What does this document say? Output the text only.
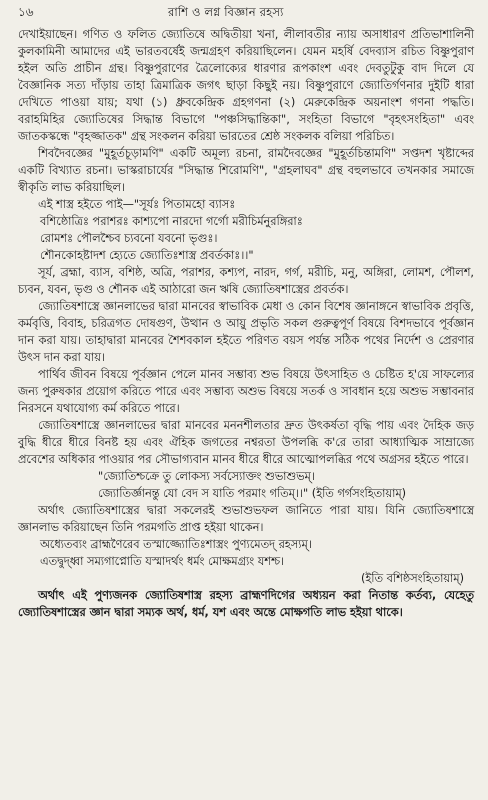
১৬	রাশি ও লগ্ন বিজ্ঞান রহস্য

দেখাইয়াছেন। গণিত ও ফলিত জ্যোতিষে অদ্বিতীয়া খনা, লীলাবতীর ন্যায় অসাধারণ প্রতিভাশালিনী কুলকামিনী আমাদের এই ভারতবর্ষেই জন্মগ্রহণ করিয়াছিলেন। যেমন মহর্ষি বেদব্যাস রচিত বিষ্ণুপুরাণ হইল অতি প্রাচীন গ্রন্থ। বিষ্ণুপুরাণের ত্রৈলোক্যের ধারণার রূপকাংশ এবং দেবতুটুকু বাদ দিলে যে বৈজ্ঞানিক সত্য দাঁড়ায় তাহা ত্রিমাত্রিক জগৎ ছাড়া কিছুই নয়। বিষ্ণুপুরাণে জ্যোতির্গণনার দুইটি ধারা দেখিতে পাওয়া যায়; যথা (১) ধ্রুবকেন্দ্রিক গ্রহগণনা (২) মেরুকেন্দ্রিক অয়নাংশ গণনা পদ্ধতি। বরাহমিহির জ্যোতিষের সিদ্ধান্ত বিভাগে "পঞ্চসিদ্ধান্তিকা", সংহিতা বিভাগে "বৃহৎসংহিতা" এবং জাতকস্কন্ধে "বৃহজ্জাতক" গ্রন্থ সংকলন করিয়া ভারতের শ্রেষ্ঠ সংকলক বলিয়া পরিচিত।

শিবদৈবজ্ঞের "মুহূর্তচূড়ামণি" একটি অমূল্য রচনা, রামদৈবজ্ঞের "মুহূর্তচিন্তামণি" সপ্তদশ খৃষ্টাব্দের একটি বিখ্যাত রচনা। ভাস্করাচার্যের "সিদ্ধান্ত শিরোমণি", "গ্রহলাঘব" গ্রন্থ বহুলভাবে তখনকার সমাজে স্বীকৃতি লাভ করিয়াছিল।

এই শাস্ত্র হইতে পাই—"সূর্যঃ পিতামহো ব্যাসঃ

বশিষ্ঠোত্রিঃ পরাশরঃ কাশ্যপো নারদো গর্গো মরীচির্মনুরঙ্গিরাঃ

রোমশঃ পৌলশ্চৈব চ্যবনো যবনো ভৃগুঃ।

শৌনকোহষ্টাদশ হ্যেতে জ্যোতিঃশাস্ত্র প্রবর্তকাঃ।।"

সূর্য, ব্রহ্মা, ব্যাস, বশিষ্ঠ, অত্রি, পরাশর, কশ্যপ, নারদ, গর্গ, মরীচি, মনু, অঙ্গিরা, লোমশ, পৌলশ, চ্যবন, যবন, ভৃগু ও শৌনক এই আঠারো জন ঋষি জ্যোতিষশাস্ত্রের প্রবর্তক।

জ্যোতিষশাস্ত্রে জ্ঞানলাভের দ্বারা মানবের স্বাভাবিক মেধা ও কোন বিশেষ জ্ঞানাঙ্গনে স্বাভাবিক প্রবৃত্তি, কর্মবৃত্তি, বিবাহ, চরিত্রগত দোষগুণ, উত্থান ও আয়ু প্রভৃতি সকল গুরুত্বপূর্ণ বিষয়ে বিশদভাবে পূর্বজ্ঞান দান করা যায়। তাহাদ্বারা মানবের শৈশবকাল হইতে পরিণত বয়স পর্যন্ত সঠিক পথের নির্দেশ ও প্রেরণার উৎস দান করা যায়।

পার্থিব জীবন বিষয়ে পূর্বজ্ঞান পেলে মানব সম্ভাব্য শুভ বিষয়ে উৎসাহিত ও চেষ্টিত হ'য়ে সাফল্যের জন্য পুরুষকার প্রয়োগ করিতে পারে এবং সম্ভাব্য অশুভ বিষয়ে সতর্ক ও সাবধান হয়ে অশুভ সম্ভাবনার নিরসনে যথাযোগ্য কর্ম করিতে পারে।

জ্যোতিষশাস্ত্রে জ্ঞানলাভের দ্বারা মানবের মননশীলতার দ্রুত উৎকর্ষতা বৃদ্ধি পায় এবং দৈহিক জড় বুদ্ধি ধীরে ধীরে বিনষ্ট হয় এবং ঐহিক জগতের নশ্বরতা উপলব্ধি ক'রে তারা আধ্যাত্মিক সাম্রাজ্যে প্রবেশের অধিকার পাওয়ার পর সৌভাগ্যবান মানব ধীরে ধীরে আত্মোপলব্ধির পথে অগ্রসর হইতে পারে।

"জ্যোতিশ্চক্রে তু লোকস্য সর্বস্যোক্তং শুভাশুভম্।

জ্যোতির্জ্ঞানন্তু যো বেদ স যাতি পরমাং গতিম্।।" (ইতি গর্গসংহিতায়াম্)

অর্থাৎ জ্যোতিষশাস্ত্রের দ্বারা সকলেরই শুভাশুভফল জানিতে পারা যায়। যিনি জ্যোতিষশাস্ত্রে জ্ঞানলাভ করিয়াছেন তিনি পরমগতি প্রাপ্ত হইয়া থাকেন।

অধ্যেতব্যং ব্রাহ্মণৈরেব তস্মাজ্জ্যোতিঃশাস্ত্রং পুণ্যমেতদ্ রহস্যম্।

এতদ্বুদ্ধ্বা সম্যগাপ্নোতি যস্মাদর্থং ধর্মং মোক্ষমগ্র্যং যশশ্চ।

(ইতি বশিষ্ঠসংহিতায়াম্)

অর্থাৎ এই পুণ্যজনক জ্যোতিষশাস্ত্র রহস্য ব্রাহ্মণদিগের অধ্যয়ন করা নিতান্ত কর্তব্য, যেহেতু জ্যোতিষশাস্ত্রের জ্ঞান দ্বারা সম্যক অর্থ, ধর্ম, যশ এবং অন্তে মোক্ষগতি লাভ হইয়া থাকে।
